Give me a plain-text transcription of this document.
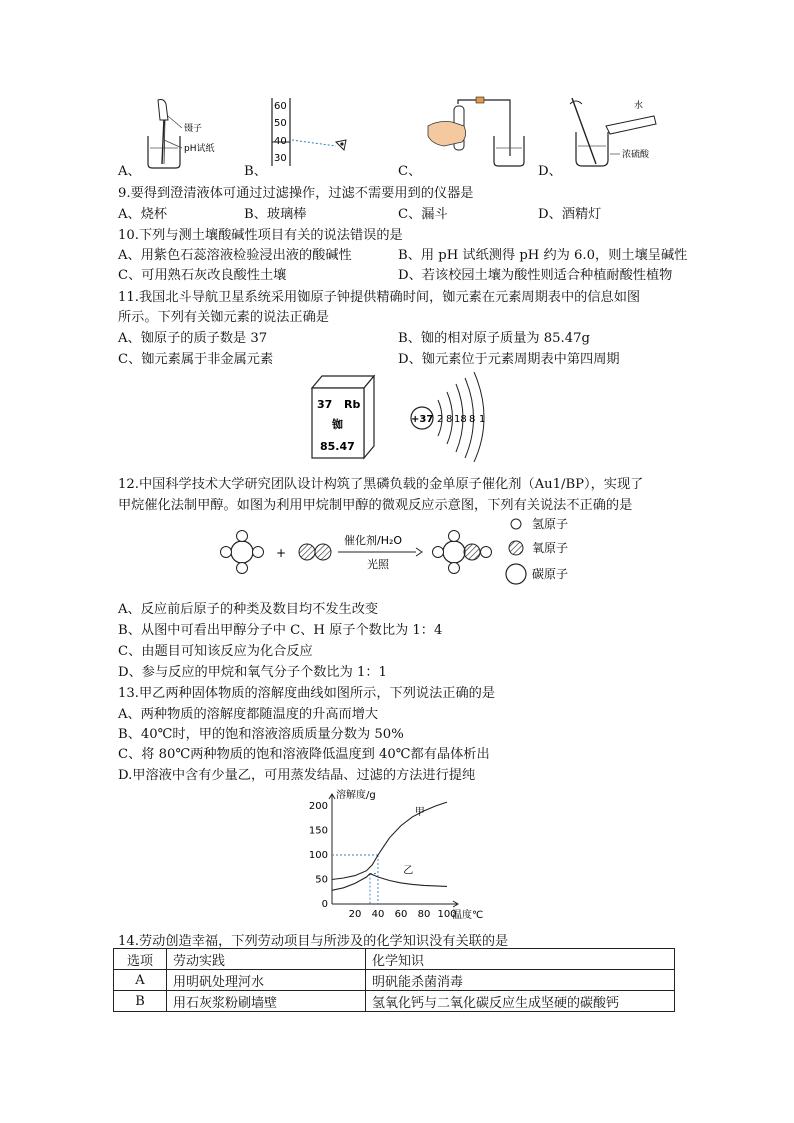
镊子
pH试纸
60
50
40
30
水
浓硫酸
A、	B、	C、	D、
9.要得到澄清液体可通过过滤操作，过滤不需要用到的仪器是
A、烧杯	B、玻璃棒	C、漏斗	D、酒精灯
10.下列与测土壤酸碱性项目有关的说法错误的是
A、用紫色石蕊溶液检验浸出液的酸碱性	B、用 pH 试纸测得 pH 约为 6.0，则土壤呈碱性
C、可用熟石灰改良酸性土壤	D、若该校园土壤为酸性则适合种植耐酸性植物
11.我国北斗导航卫星系统采用铷原子钟提供精确时间，铷元素在元素周期表中的信息如图
所示。下列有关铷元素的说法正确是
A、铷原子的质子数是 37	B、铷的相对原子质量为 85.47g
C、铷元素属于非金属元素	D、铷元素位于元素周期表中第四周期
37 Rb
铷
85.47
+37 2 8 18 8 1
12.中国科学技术大学研究团队设计构筑了黑磷负载的金单原子催化剂（Au1/BP），实现了
甲烷催化法制甲醇。如图为利用甲烷制甲醇的微观反应示意图，下列有关说法不正确的是
+
催化剂/H₂O
光照
氢原子
氧原子
碳原子
A、反应前后原子的种类及数目均不发生改变
B、从图中可看出甲醇分子中 C、H 原子个数比为 1：4
C、由题目可知该反应为化合反应
D、参与反应的甲烷和氧气分子个数比为 1：1
13.甲乙两种固体物质的溶解度曲线如图所示，下列说法正确的是
A、两种物质的溶解度都随温度的升高而增大
B、40℃时，甲的饱和溶液溶质质量分数为 50%
C、将 80℃两种物质的饱和溶液降低温度到 40℃都有晶体析出
D.甲溶液中含有少量乙，可用蒸发结晶、过滤的方法进行提纯
0
50
100
150
200
20 40 60 80 100
甲
乙
溶解度/g
温度℃
14.劳动创造幸福，下列劳动项目与所涉及的化学知识没有关联的是
选项	劳动实践	化学知识
A	用明矾处理河水	明矾能杀菌消毒
B	用石灰浆粉刷墙壁	氢氧化钙与二氧化碳反应生成坚硬的碳酸钙
